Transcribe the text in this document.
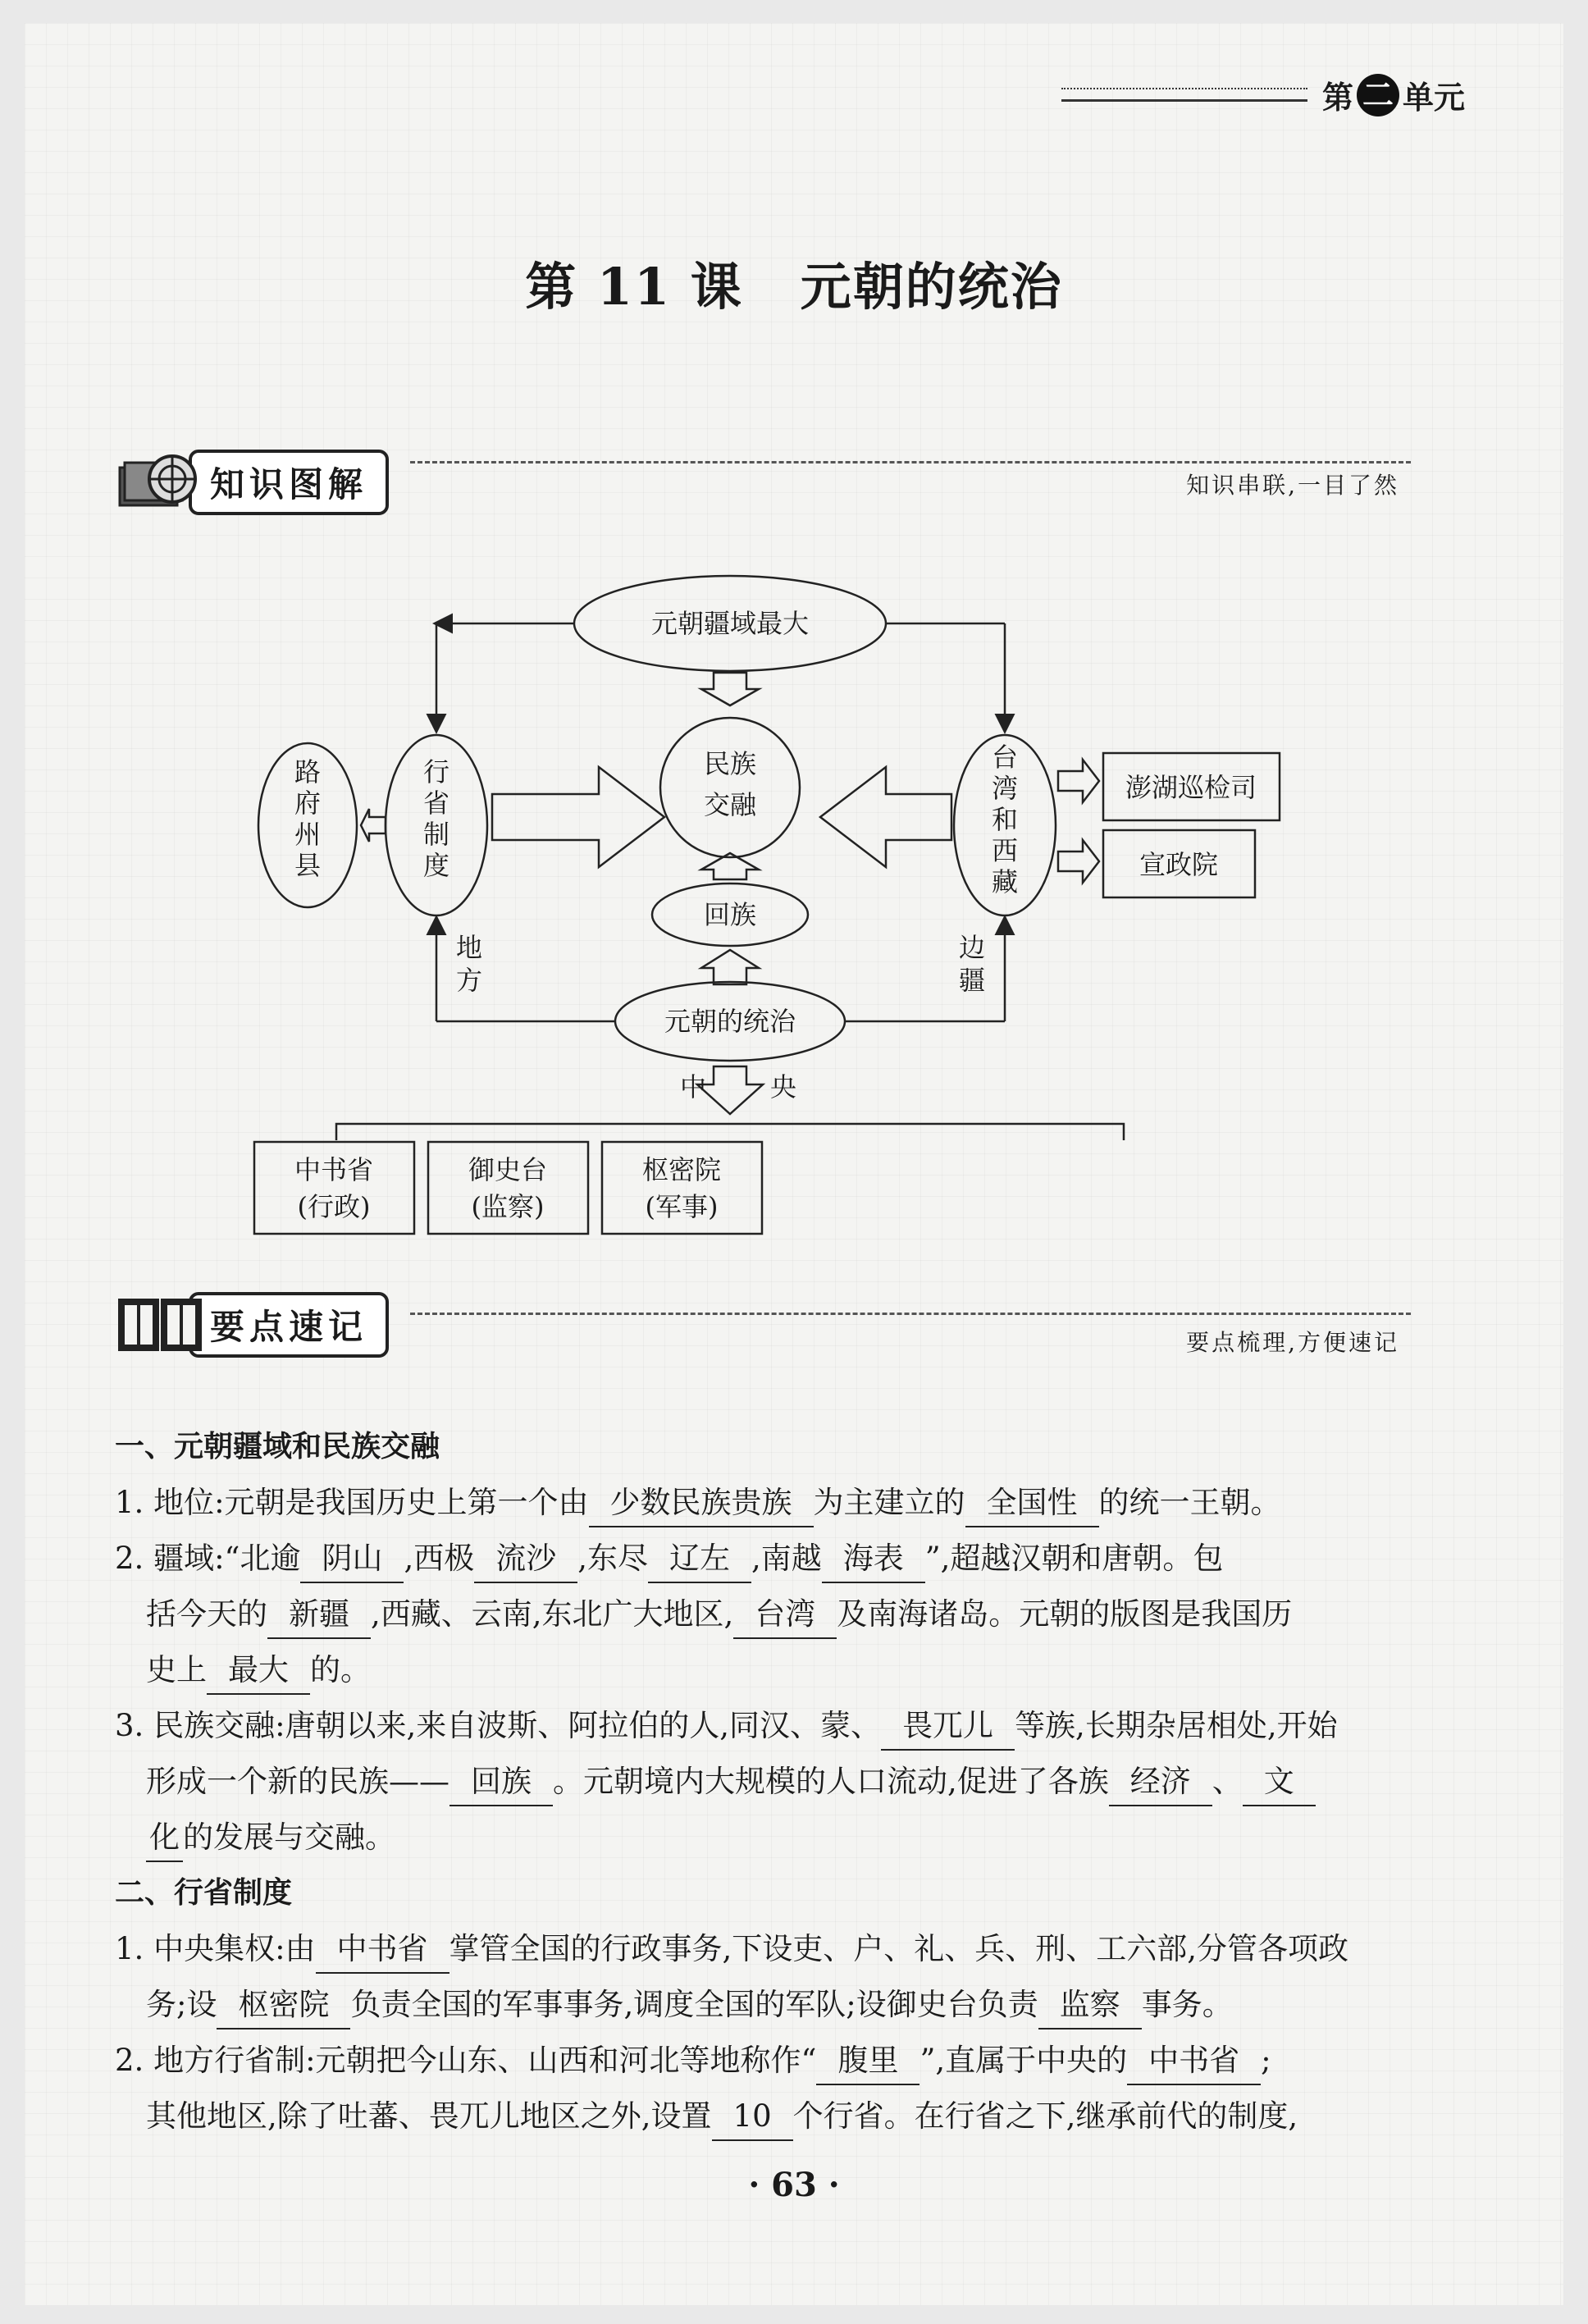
第 二 单元
第 11 课 元朝的统治
知识图解	知识串联,一目了然
元朝疆域最大
民族
交融
回族
元朝的统治
行
省
制
度
路
府
州
县
台
湾
和
西
藏
澎湖巡检司
宣政院
地
方
边
疆
中 央
中书省
(行政)
御史台
(监察)
枢密院
(军事)
要点速记	要点梳理,方便速记

一、元朝疆域和民族交融

1. 地位:元朝是我国历史上第一个由 少数民族贵族 为主建立的 全国性 的统一王朝。

2. 疆域:“北逾 阴山 ,西极 流沙 ,东尽 辽左 ,南越 海表 ”,超越汉朝和唐朝。包

括今天的 新疆 ,西藏、云南,东北广大地区, 台湾 及南海诸岛。元朝的版图是我国历

史上 最大 的。

3. 民族交融:唐朝以来,来自波斯、阿拉伯的人,同汉、蒙、 畏兀儿 等族,长期杂居相处,开始

形成一个新的民族—— 回族 。元朝境内大规模的人口流动,促进了各族 经济 、 文

化 的发展与交融。

二、行省制度

1. 中央集权:由 中书省 掌管全国的行政事务,下设吏、户、礼、兵、刑、工六部,分管各项政

务;设 枢密院 负责全国的军事事务,调度全国的军队;设御史台负责 监察 事务。

2. 地方行省制:元朝把今山东、山西和河北等地称作“ 腹里 ”,直属于中央的 中书省 ;

其他地区,除了吐蕃、畏兀儿地区之外,设置 10 个行省。在行省之下,继承前代的制度,

· 63 ·
